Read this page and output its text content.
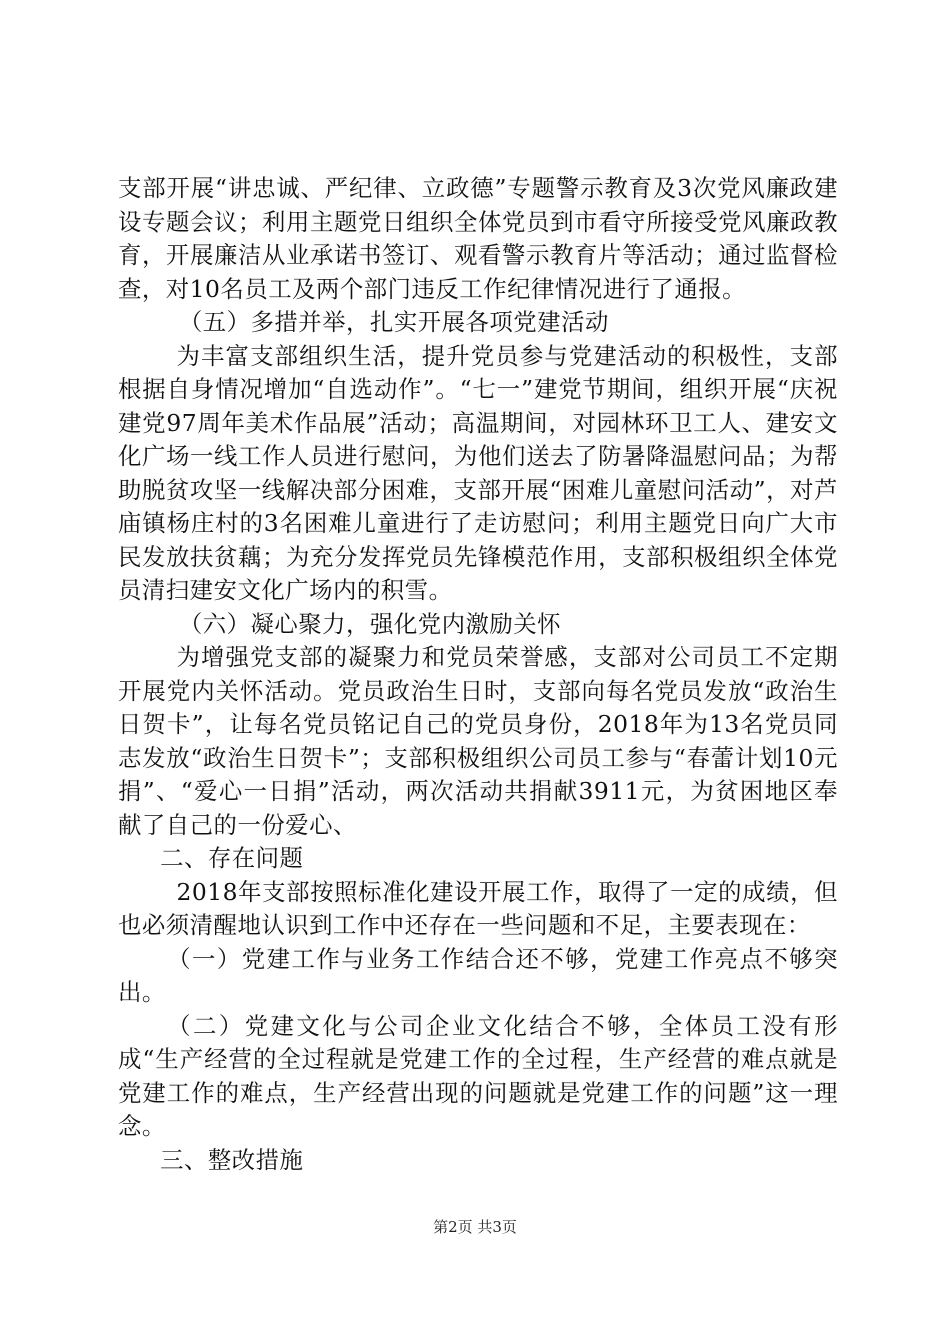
支部开展“讲忠诚、严纪律、立政德”专题警示教育及3次党风廉政建设专题会议；利用主题党日组织全体党员到市看守所接受党风廉政教育，开展廉洁从业承诺书签订、观看警示教育片等活动；通过监督检查，对10名员工及两个部门违反工作纪律情况进行了通报。

（五）多措并举，扎实开展各项党建活动

为丰富支部组织生活，提升党员参与党建活动的积极性，支部根据自身情况增加“自选动作”。“七一”建党节期间，组织开展“庆祝建党97周年美术作品展”活动；高温期间，对园林环卫工人、建安文化广场一线工作人员进行慰问，为他们送去了防暑降温慰问品；为帮助脱贫攻坚一线解决部分困难，支部开展“困难儿童慰问活动”，对芦庙镇杨庄村的3名困难儿童进行了走访慰问；利用主题党日向广大市民发放扶贫藕；为充分发挥党员先锋模范作用，支部积极组织全体党员清扫建安文化广场内的积雪。

（六）凝心聚力，强化党内激励关怀

为增强党支部的凝聚力和党员荣誉感，支部对公司员工不定期开展党内关怀活动。党员政治生日时，支部向每名党员发放“政治生日贺卡”，让每名党员铭记自己的党员身份，2018年为13名党员同志发放“政治生日贺卡”；支部积极组织公司员工参与“春蕾计划10元捐”、“爱心一日捐”活动，两次活动共捐献3911元，为贫困地区奉献了自己的一份爱心、

二、存在问题

2018年支部按照标准化建设开展工作，取得了一定的成绩，但也必须清醒地认识到工作中还存在一些问题和不足，主要表现在：

（一）党建工作与业务工作结合还不够，党建工作亮点不够突出。

（二）党建文化与公司企业文化结合不够，全体员工没有形成“生产经营的全过程就是党建工作的全过程，生产经营的难点就是党建工作的难点，生产经营出现的问题就是党建工作的问题”这一理念。

三、整改措施

第2页 共3页
